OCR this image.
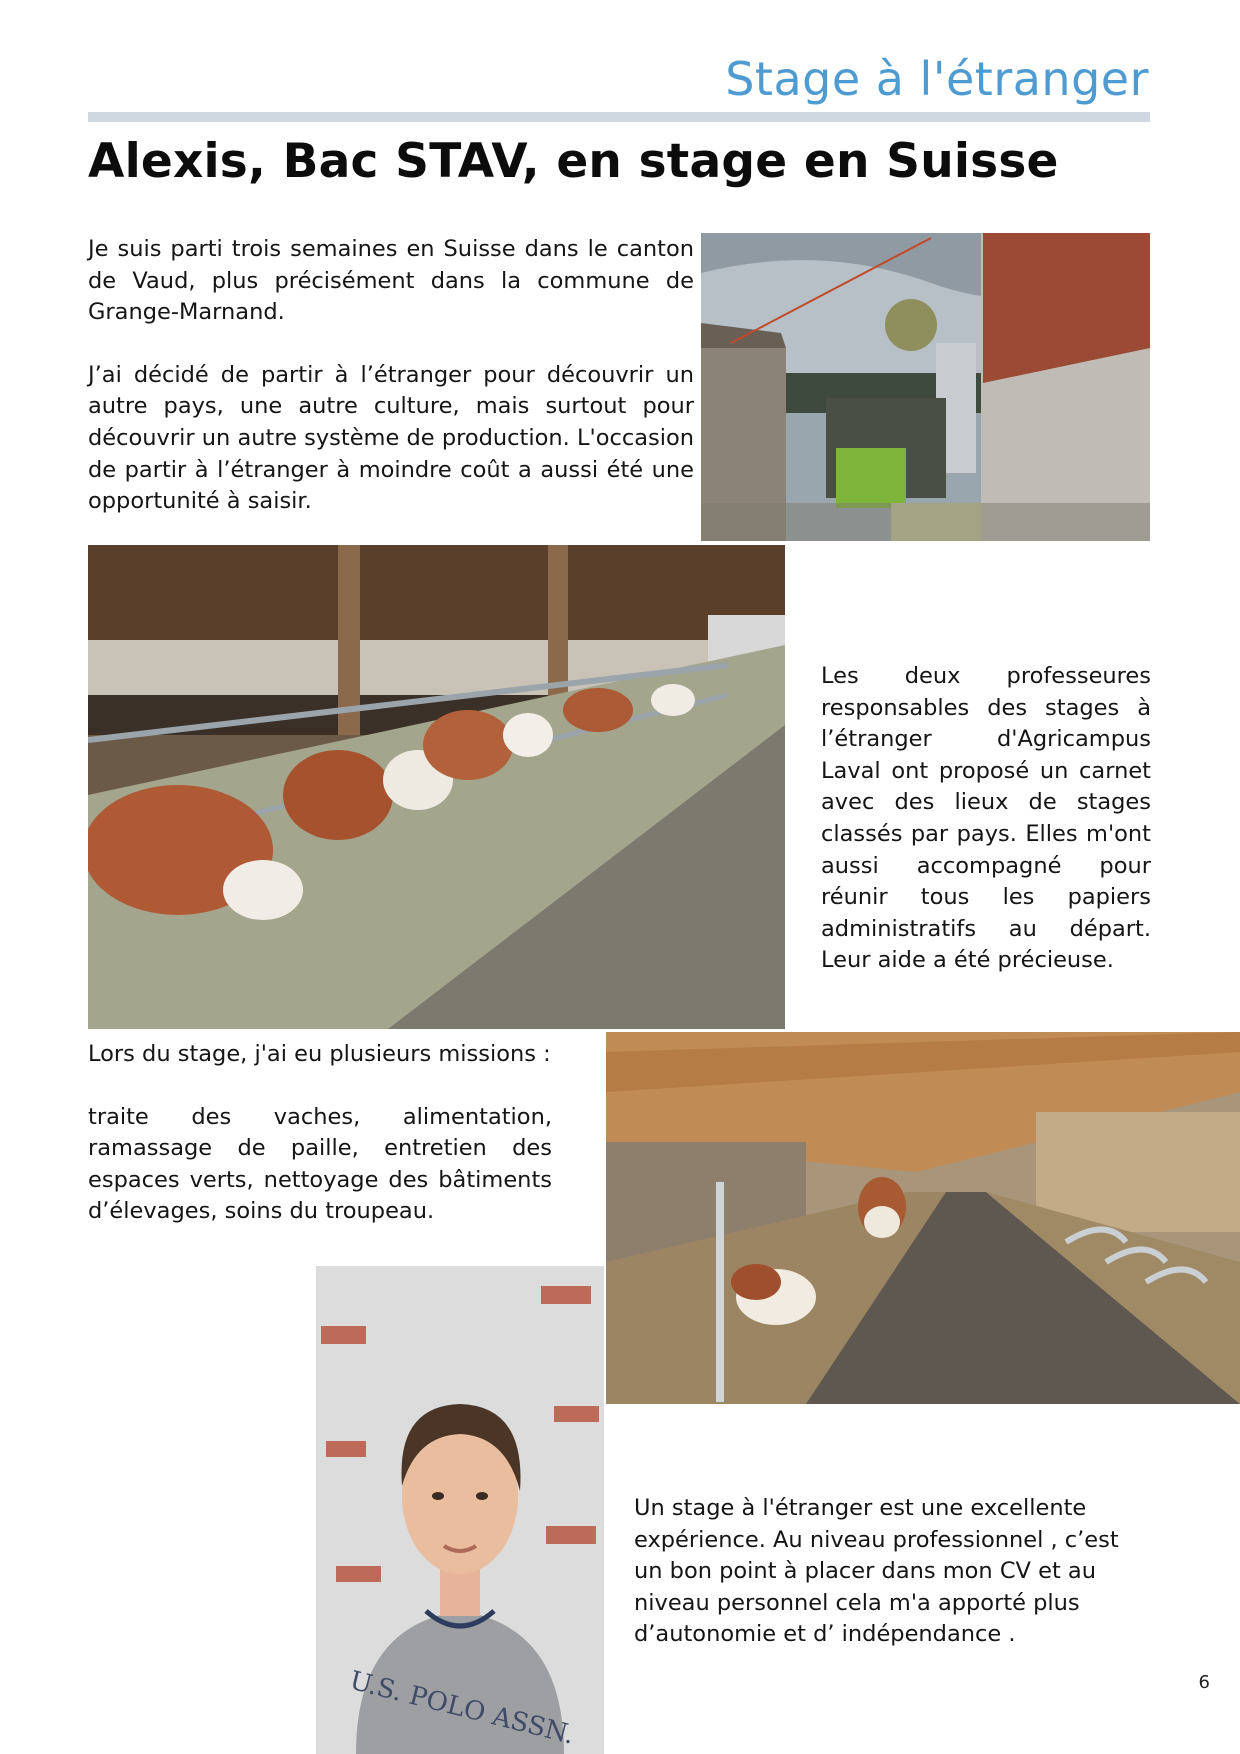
Stage à l'étranger
Alexis, Bac STAV, en stage en Suisse

Je suis parti trois semaines en Suisse dans le canton de Vaud, plus précisément dans la commune de Grange-Marnand.

J’ai décidé de partir à l’étranger pour découvrir un autre pays, une autre culture, mais surtout pour découvrir un autre système de production. L'occasion de partir à l’étranger à moindre coût a aussi été une opportunité à saisir.

Les deux professeures responsables des stages à l’étranger d'Agricampus Laval ont proposé un carnet avec des lieux de stages classés par pays. Elles m'ont aussi accompagné pour réunir tous les papiers administratifs au départ. Leur aide a été précieuse.

Lors du stage, j'ai eu plusieurs missions :

traite des vaches, alimentation, ramassage de paille, entretien des espaces verts, nettoyage des bâtiments d’élevages, soins du troupeau.

U.S. POLO ASSN.

Un stage à l'étranger est une excellente expérience. Au niveau professionnel , c’est un bon point à placer dans mon CV et au niveau personnel cela m'a apporté plus d’autonomie et d’ indépendance .

6
